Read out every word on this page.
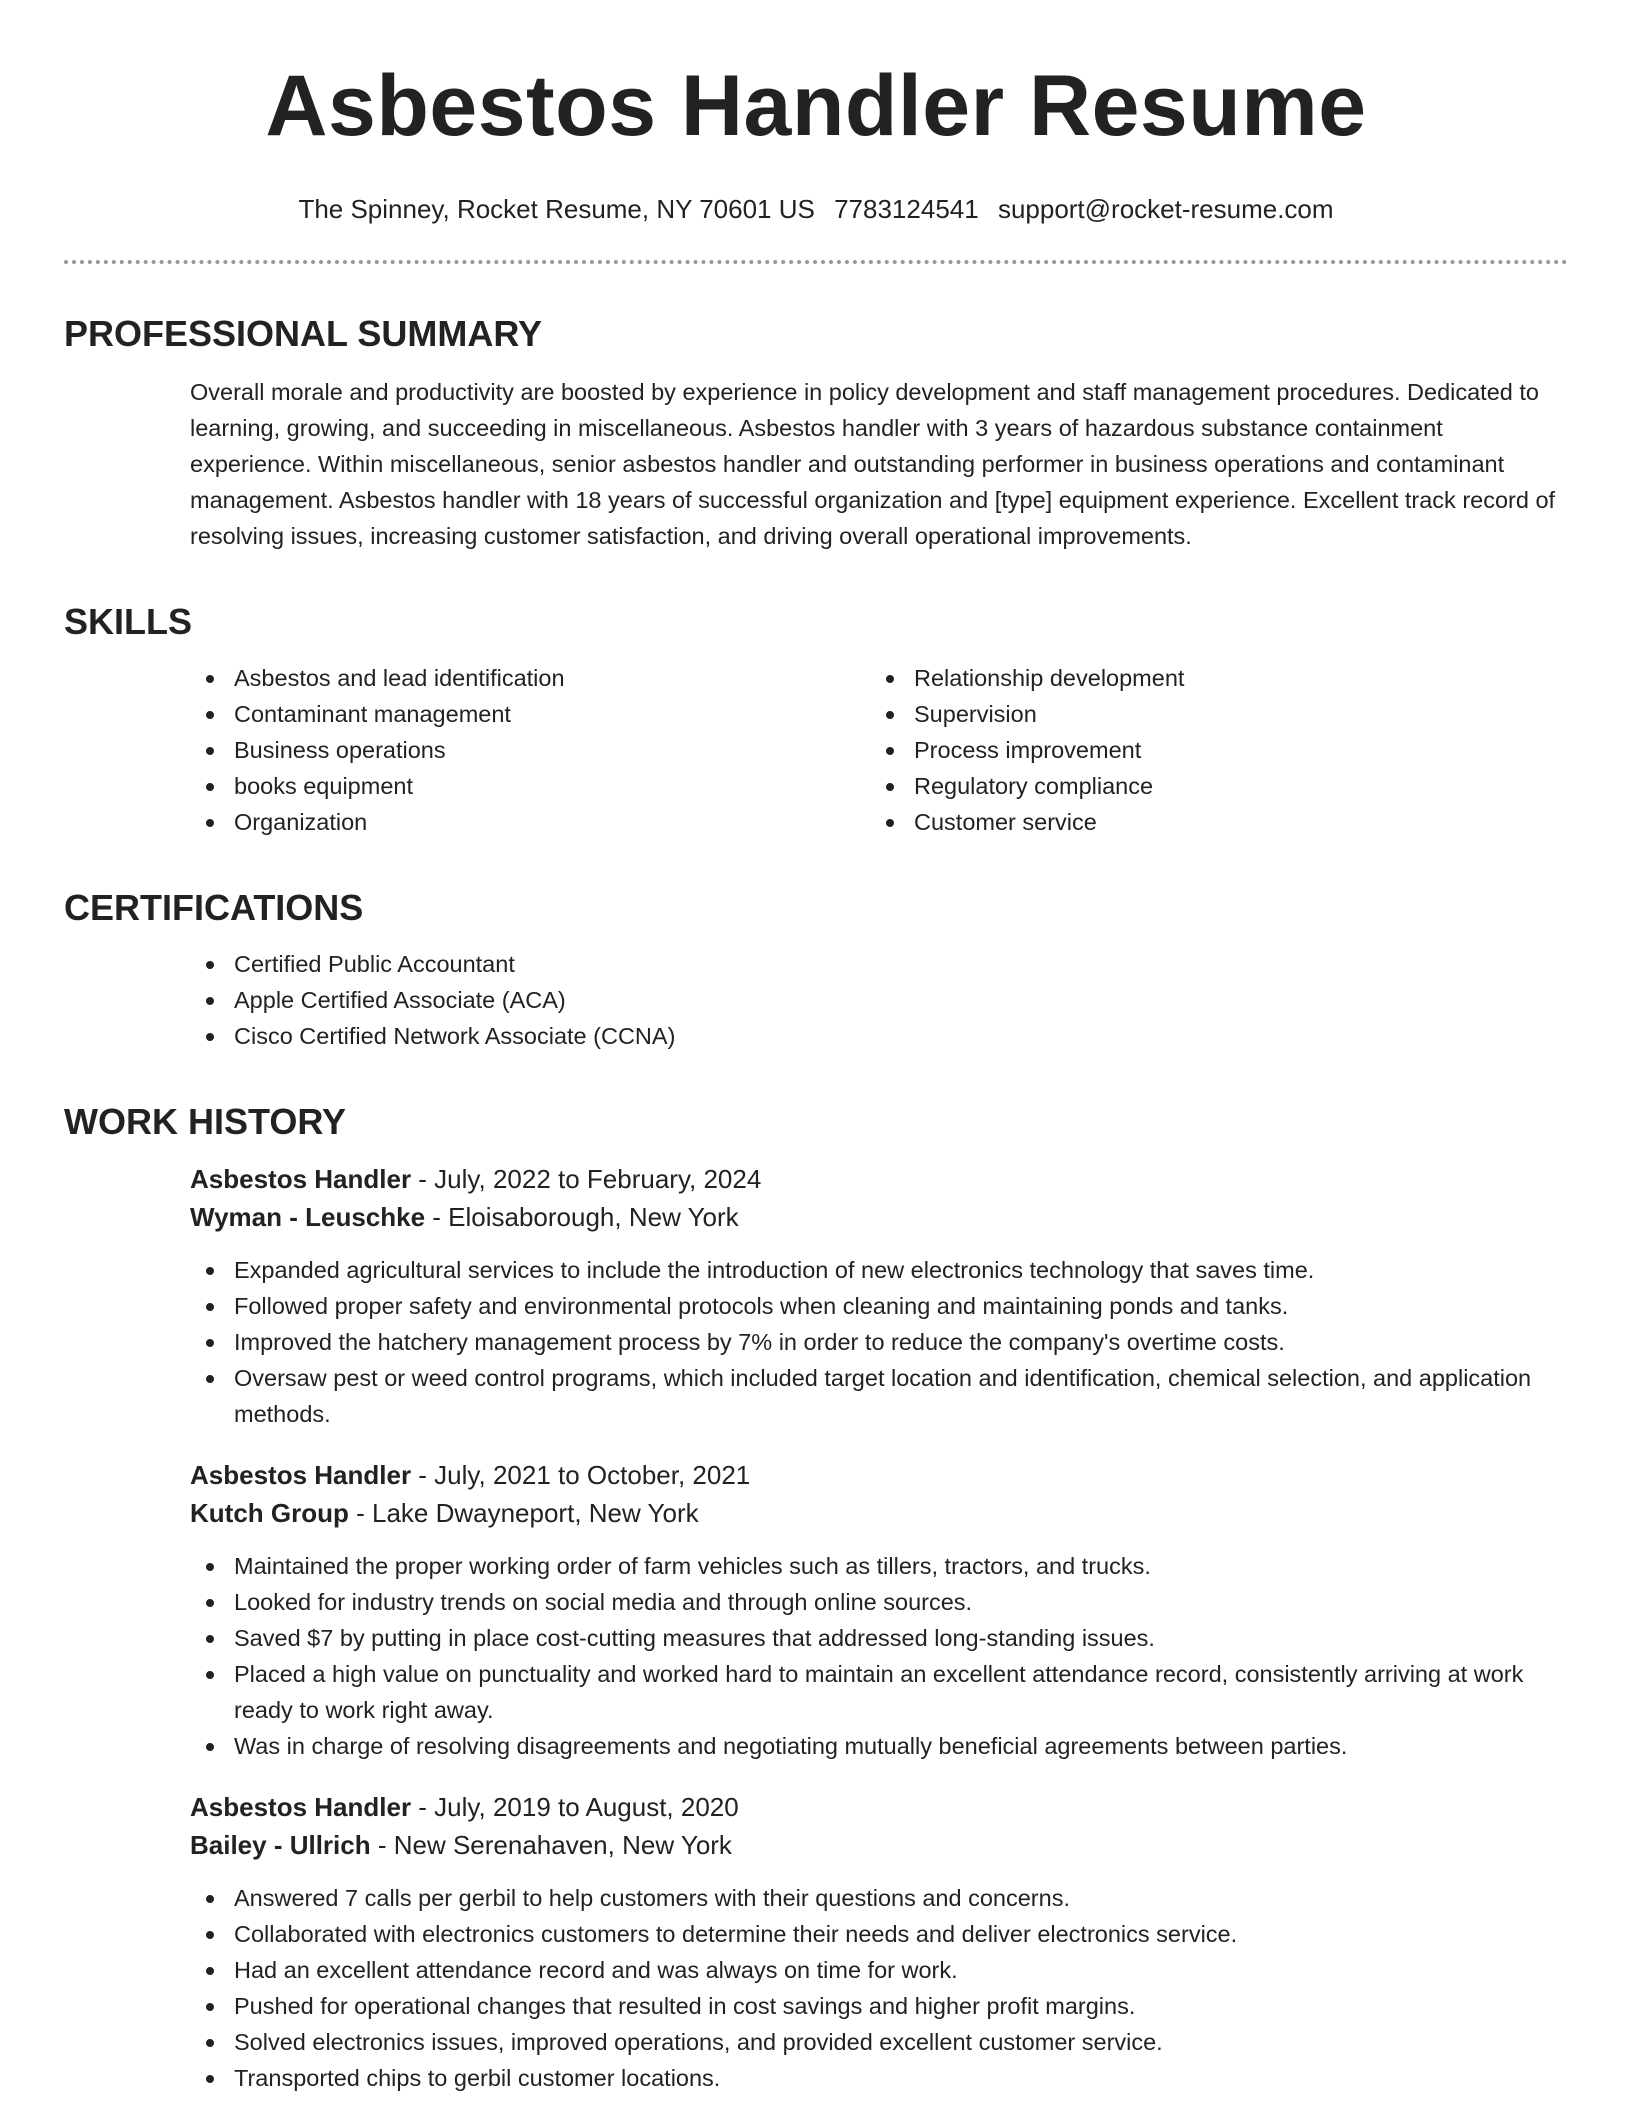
Asbestos Handler Resume
The Spinney, Rocket Resume, NY 70601 US 7783124541 support@rocket-resume.com
PROFESSIONAL SUMMARY

Overall morale and productivity are boosted by experience in policy development and staff management procedures. Dedicated to learning, growing, and succeeding in miscellaneous. Asbestos handler with 3 years of hazardous substance containment experience. Within miscellaneous, senior asbestos handler and outstanding performer in business operations and contaminant management. Asbestos handler with 18 years of successful organization and [type] equipment experience. Excellent track record of resolving issues, increasing customer satisfaction, and driving overall operational improvements.

SKILLS
Asbestos and lead identification
Contaminant management
Business operations
books equipment
Organization
Relationship development
Supervision
Process improvement
Regulatory compliance
Customer service
CERTIFICATIONS
Certified Public Accountant
Apple Certified Associate (ACA)
Cisco Certified Network Associate (CCNA)
WORK HISTORY
Asbestos Handler - July, 2022 to February, 2024
Wyman - Leuschke - Eloisaborough, New York
Expanded agricultural services to include the introduction of new electronics technology that saves time.
Followed proper safety and environmental protocols when cleaning and maintaining ponds and tanks.
Improved the hatchery management process by 7% in order to reduce the company's overtime costs.
Oversaw pest or weed control programs, which included target location and identification, chemical selection, and application methods.
Asbestos Handler - July, 2021 to October, 2021
Kutch Group - Lake Dwayneport, New York
Maintained the proper working order of farm vehicles such as tillers, tractors, and trucks.
Looked for industry trends on social media and through online sources.
Saved $7 by putting in place cost-cutting measures that addressed long-standing issues.
Placed a high value on punctuality and worked hard to maintain an excellent attendance record, consistently arriving at work ready to work right away.
Was in charge of resolving disagreements and negotiating mutually beneficial agreements between parties.
Asbestos Handler - July, 2019 to August, 2020
Bailey - Ullrich - New Serenahaven, New York
Answered 7 calls per gerbil to help customers with their questions and concerns.
Collaborated with electronics customers to determine their needs and deliver electronics service.
Had an excellent attendance record and was always on time for work.
Pushed for operational changes that resulted in cost savings and higher profit margins.
Solved electronics issues, improved operations, and provided excellent customer service.
Transported chips to gerbil customer locations.
